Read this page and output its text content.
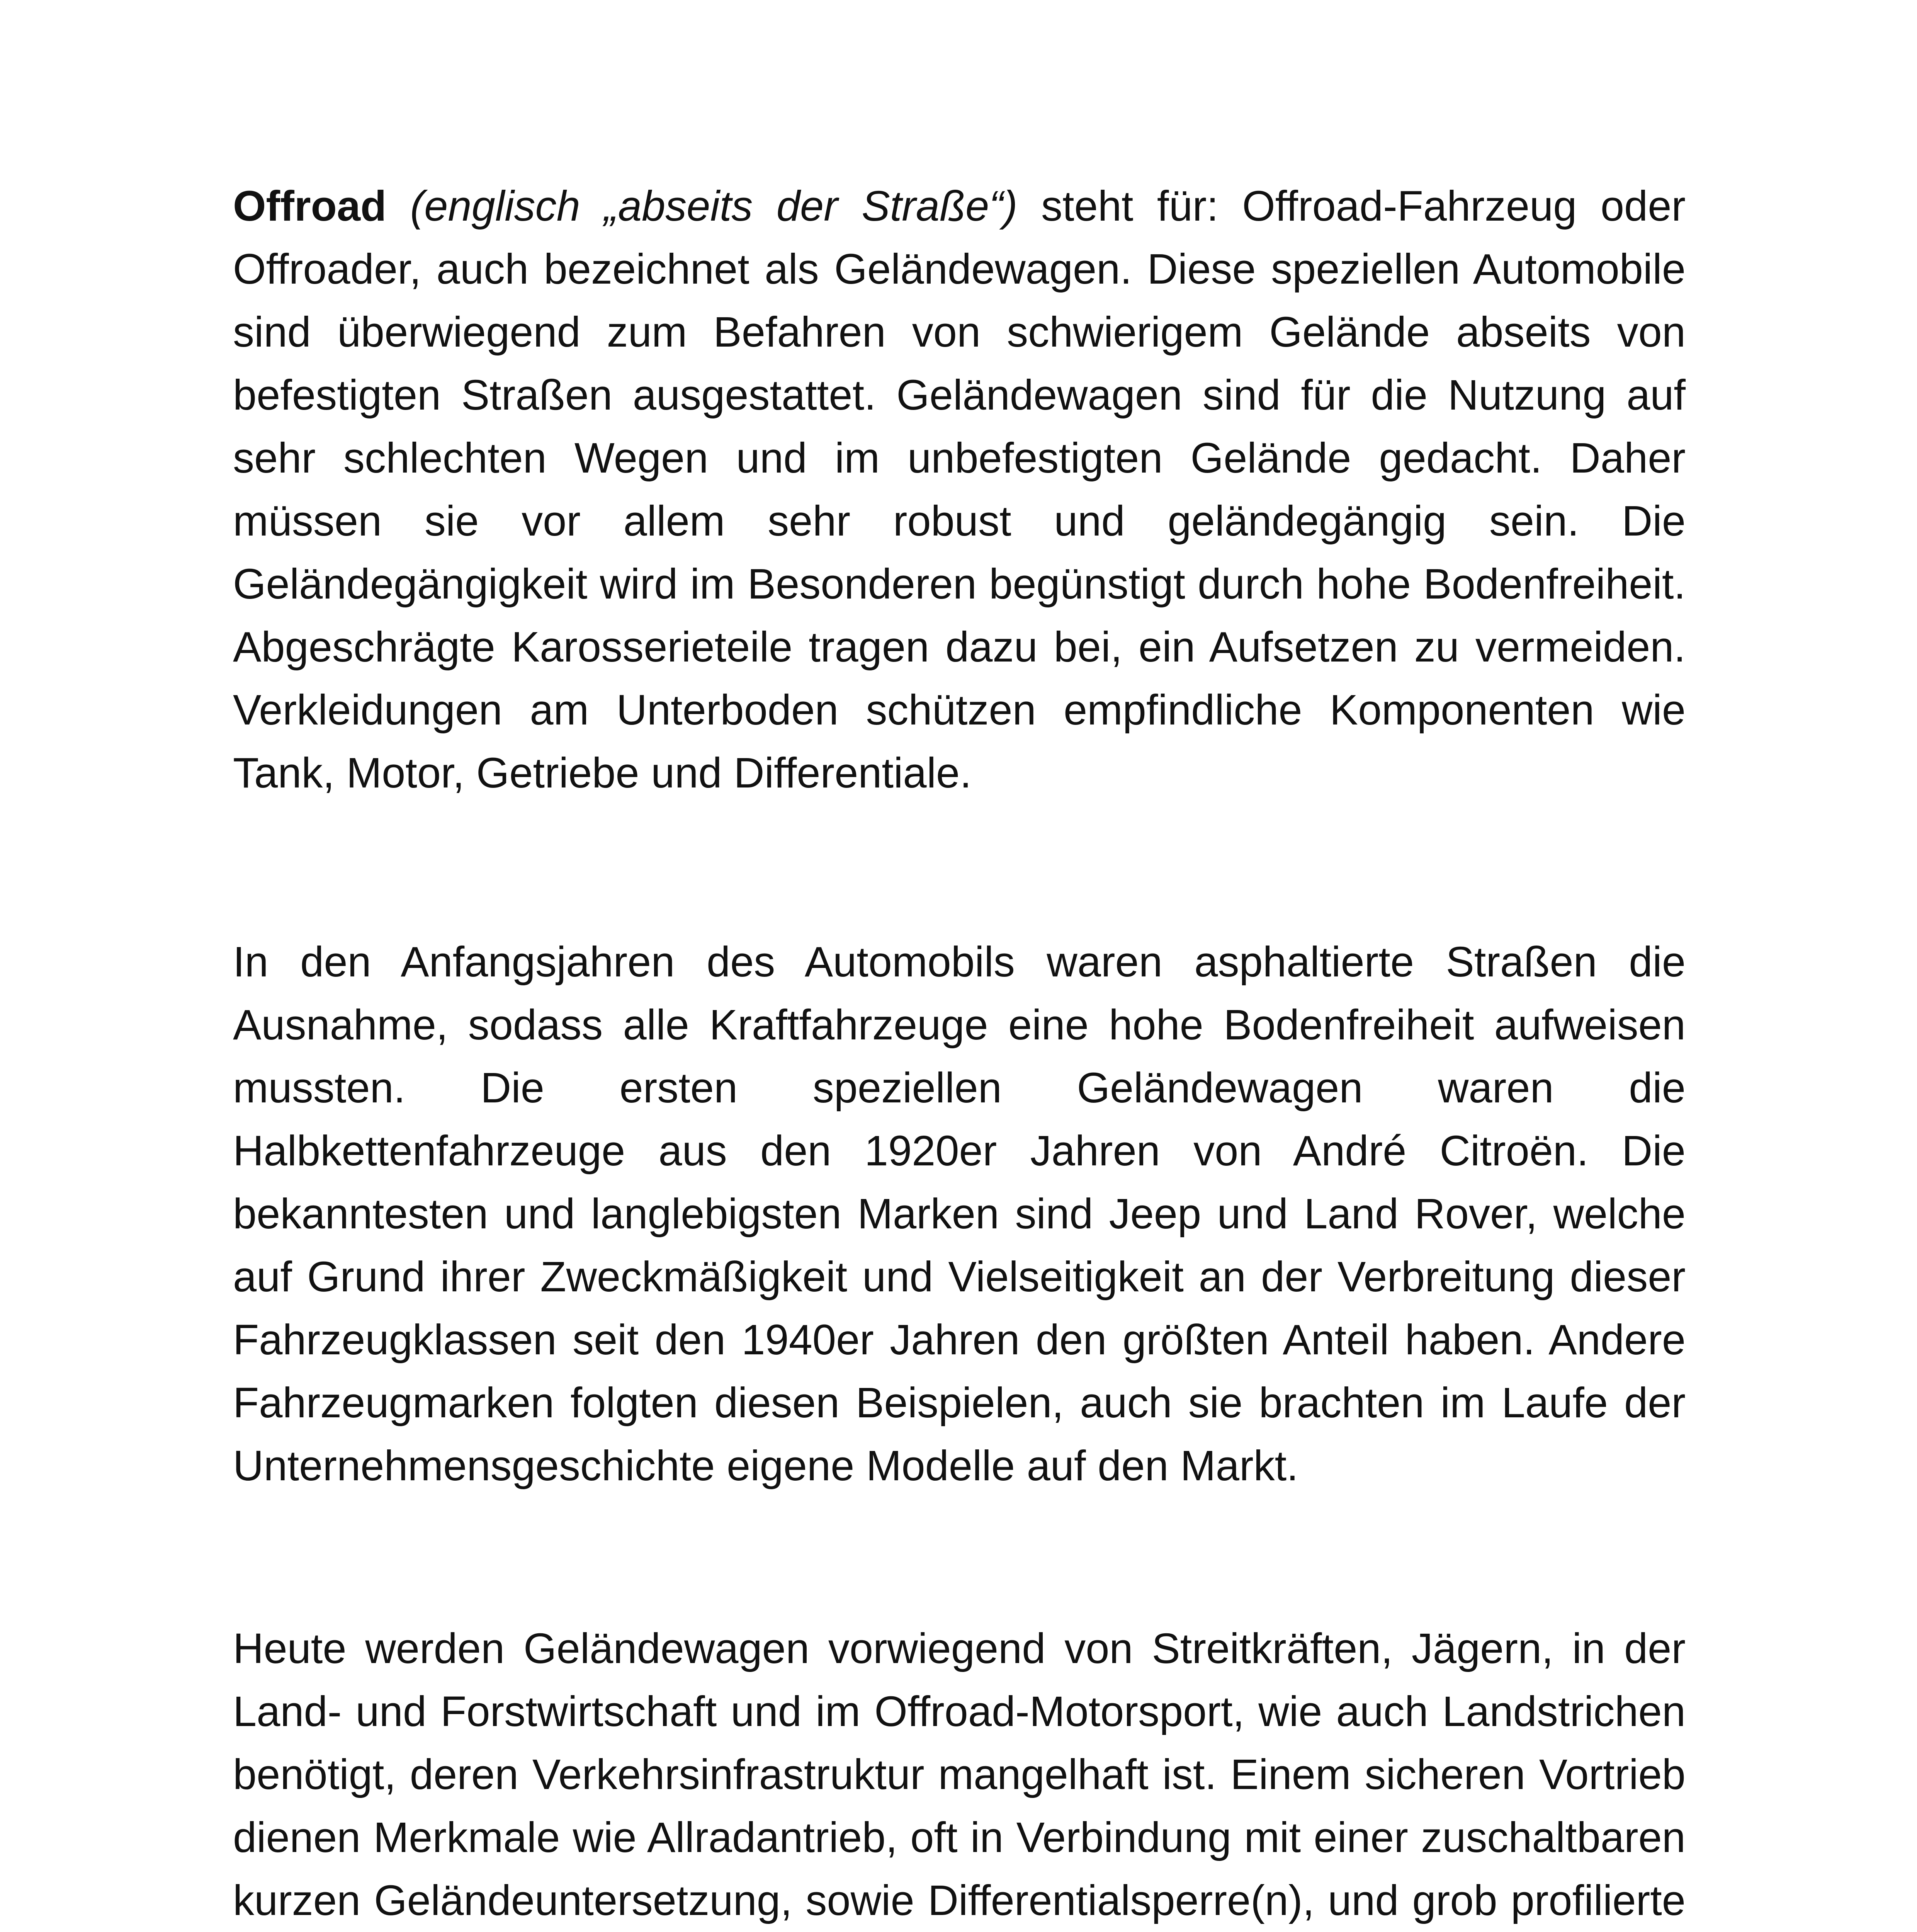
Offroad (englisch „abseits der Straße“) steht für: Offroad-Fahrzeug oder Offroader, auch bezeichnet als Geländewagen. Diese speziellen Automobile sind überwiegend zum Befahren von schwierigem Gelände abseits von befestigten Straßen ausgestattet. Geländewagen sind für die Nutzung auf sehr schlechten Wegen und im unbefestigten Gelände gedacht. Daher müssen sie vor allem sehr robust und geländegängig sein. Die Geländegängigkeit wird im Besonderen begünstigt durch hohe Bodenfreiheit. Abgeschrägte Karosserieteile tragen dazu bei, ein Aufsetzen zu vermeiden. Verkleidungen am Unterboden schützen empfindliche Komponenten wie Tank, Motor, Getriebe und Differentiale.

In den Anfangsjahren des Automobils waren asphaltierte Straßen die Ausnahme, sodass alle Kraftfahrzeuge eine hohe Bodenfreiheit aufweisen mussten. Die ersten speziellen Geländewagen waren die Halbkettenfahrzeuge aus den 1920er Jahren von André Citroën. Die bekanntesten und langlebigsten Marken sind Jeep und Land Rover, welche auf Grund ihrer Zweckmäßigkeit und Vielseitigkeit an der Verbreitung dieser Fahrzeugklassen seit den 1940er Jahren den größten Anteil haben. Andere Fahrzeugmarken folgten diesen Beispielen, auch sie brachten im Laufe der Unternehmensgeschichte eigene Modelle auf den Markt.

Heute werden Geländewagen vorwiegend von Streitkräften, Jägern, in der Land- und Forstwirtschaft und im Offroad-Motorsport, wie auch Landstrichen benötigt, deren Verkehrsinfrastruktur mangelhaft ist. Einem sicheren Vortrieb dienen Merkmale wie Allradantrieb, oft in Verbindung mit einer zuschaltbaren kurzen Geländeuntersetzung, sowie Differentialsperre(n), und grob profilierte
